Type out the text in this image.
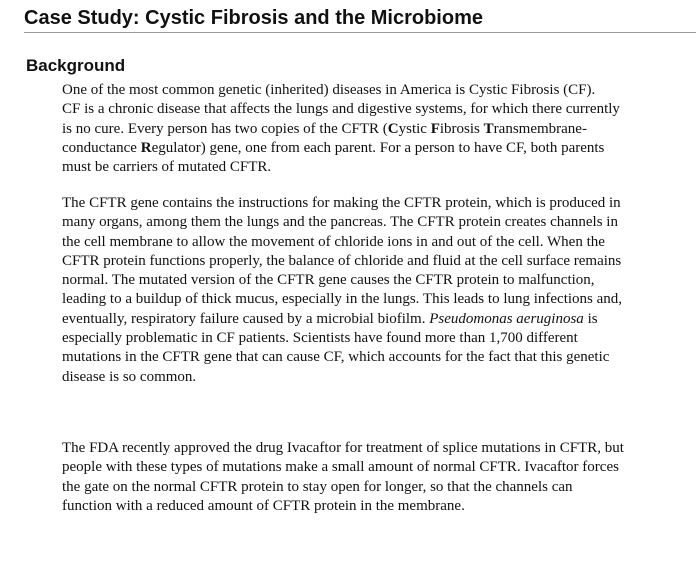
Case Study: Cystic Fibrosis and the Microbiome
Background

One of the most common genetic (inherited) diseases in America is Cystic Fibrosis (CF).
CF is a chronic disease that affects the lungs and digestive systems, for which there currently
is no cure. Every person has two copies of the CFTR (Cystic Fibrosis Transmembrane-
conductance Regulator) gene, one from each parent. For a person to have CF, both parents
must be carriers of mutated CFTR.

The CFTR gene contains the instructions for making the CFTR protein, which is produced in
many organs, among them the lungs and the pancreas. The CFTR protein creates channels in
the cell membrane to allow the movement of chloride ions in and out of the cell. When the
CFTR protein functions properly, the balance of chloride and fluid at the cell surface remains
normal. The mutated version of the CFTR gene causes the CFTR protein to malfunction,
leading to a buildup of thick mucus, especially in the lungs. This leads to lung infections and,
eventually, respiratory failure caused by a microbial biofilm. Pseudomonas aeruginosa is
especially problematic in CF patients. Scientists have found more than 1,700 different
mutations in the CFTR gene that can cause CF, which accounts for the fact that this genetic
disease is so common.

The FDA recently approved the drug Ivacaftor for treatment of splice mutations in CFTR, but
people with these types of mutations make a small amount of normal CFTR. Ivacaftor forces
the gate on the normal CFTR protein to stay open for longer, so that the channels can
function with a reduced amount of CFTR protein in the membrane.
